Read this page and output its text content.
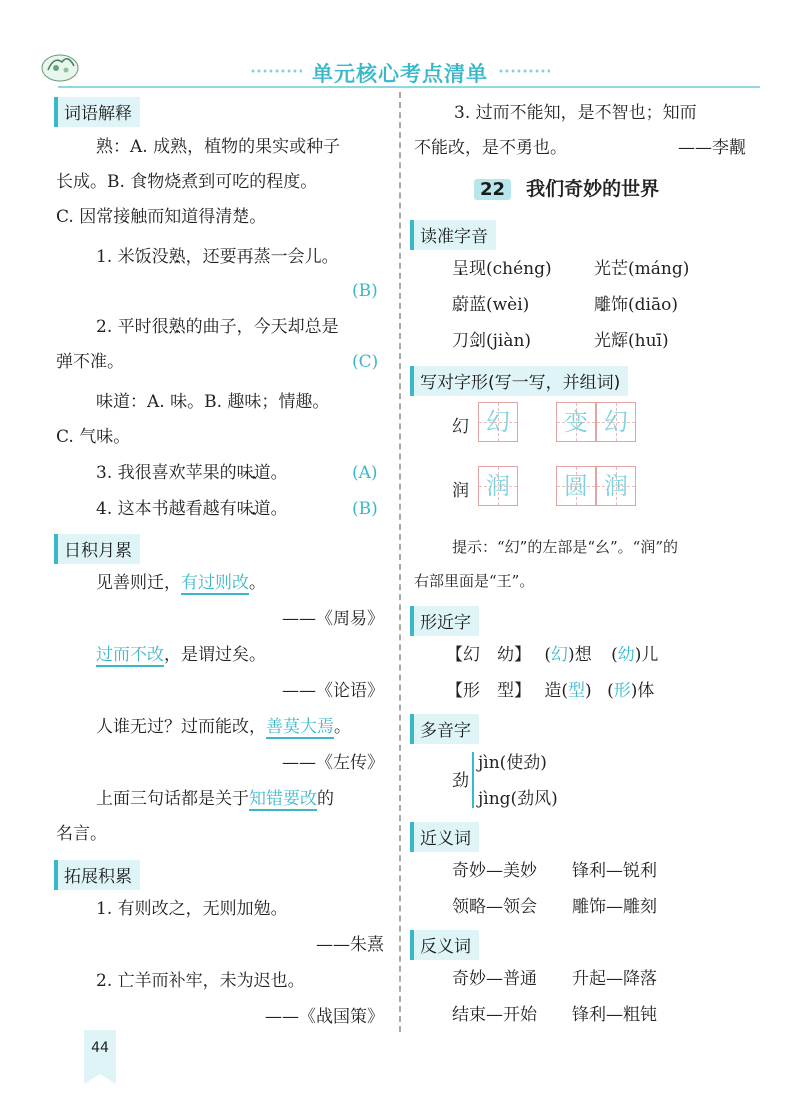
单元核心考点清单
词语解释
熟：A. 成熟，植物的果实或种子
长成。B. 食物烧煮到可吃的程度。
C. 因常接触而知道得清楚。
1. 米饭没熟，还要再蒸一会儿。
(B)
2. 平时很熟的曲子，今天却总是
弹不准。	(C)
味道：A. 味。B. 趣味；情趣。
C. 气味。
3. 我很喜欢苹果的味道。	(A)
4. 这本书越看越有味道。	(B)
日积月累
见善则迁，有过则改。
——《周易》
过而不改，是谓过矣。
——《论语》
人谁无过？过而能改，善莫大焉。
——《左传》
上面三句话都是关于知错要改的
名言。
拓展积累
1. 有则改之，无则加勉。
——朱熹
2. 亡羊而补牢，未为迟也。
——《战国策》
3. 过而不能知，是不智也；知而
不能改，是不勇也。	——李觏
22 我们奇妙的世界
读准字音
呈现(chéng) 光芒(máng)
蔚蓝(wèi)	雕饰(diāo)
刀剑(jiàn)	光辉(huī)
写对字形(写一写，并组词)
幻 幻 变 幻
润 润 圆 润
提示：“幻”的左部是“幺”。“润”的
右部里面是“王”。
形近字
【幻　幼】 (幻)想 (幼)儿
【形　型】 造(型) (形)体
多音字
劲
jìn(使劲)
jìng(劲风)
近义词
奇妙—美妙 锋利—锐利
领略—领会 雕饰—雕刻
反义词
奇妙—普通 升起—降落
结束—开始 锋利—粗钝
44
